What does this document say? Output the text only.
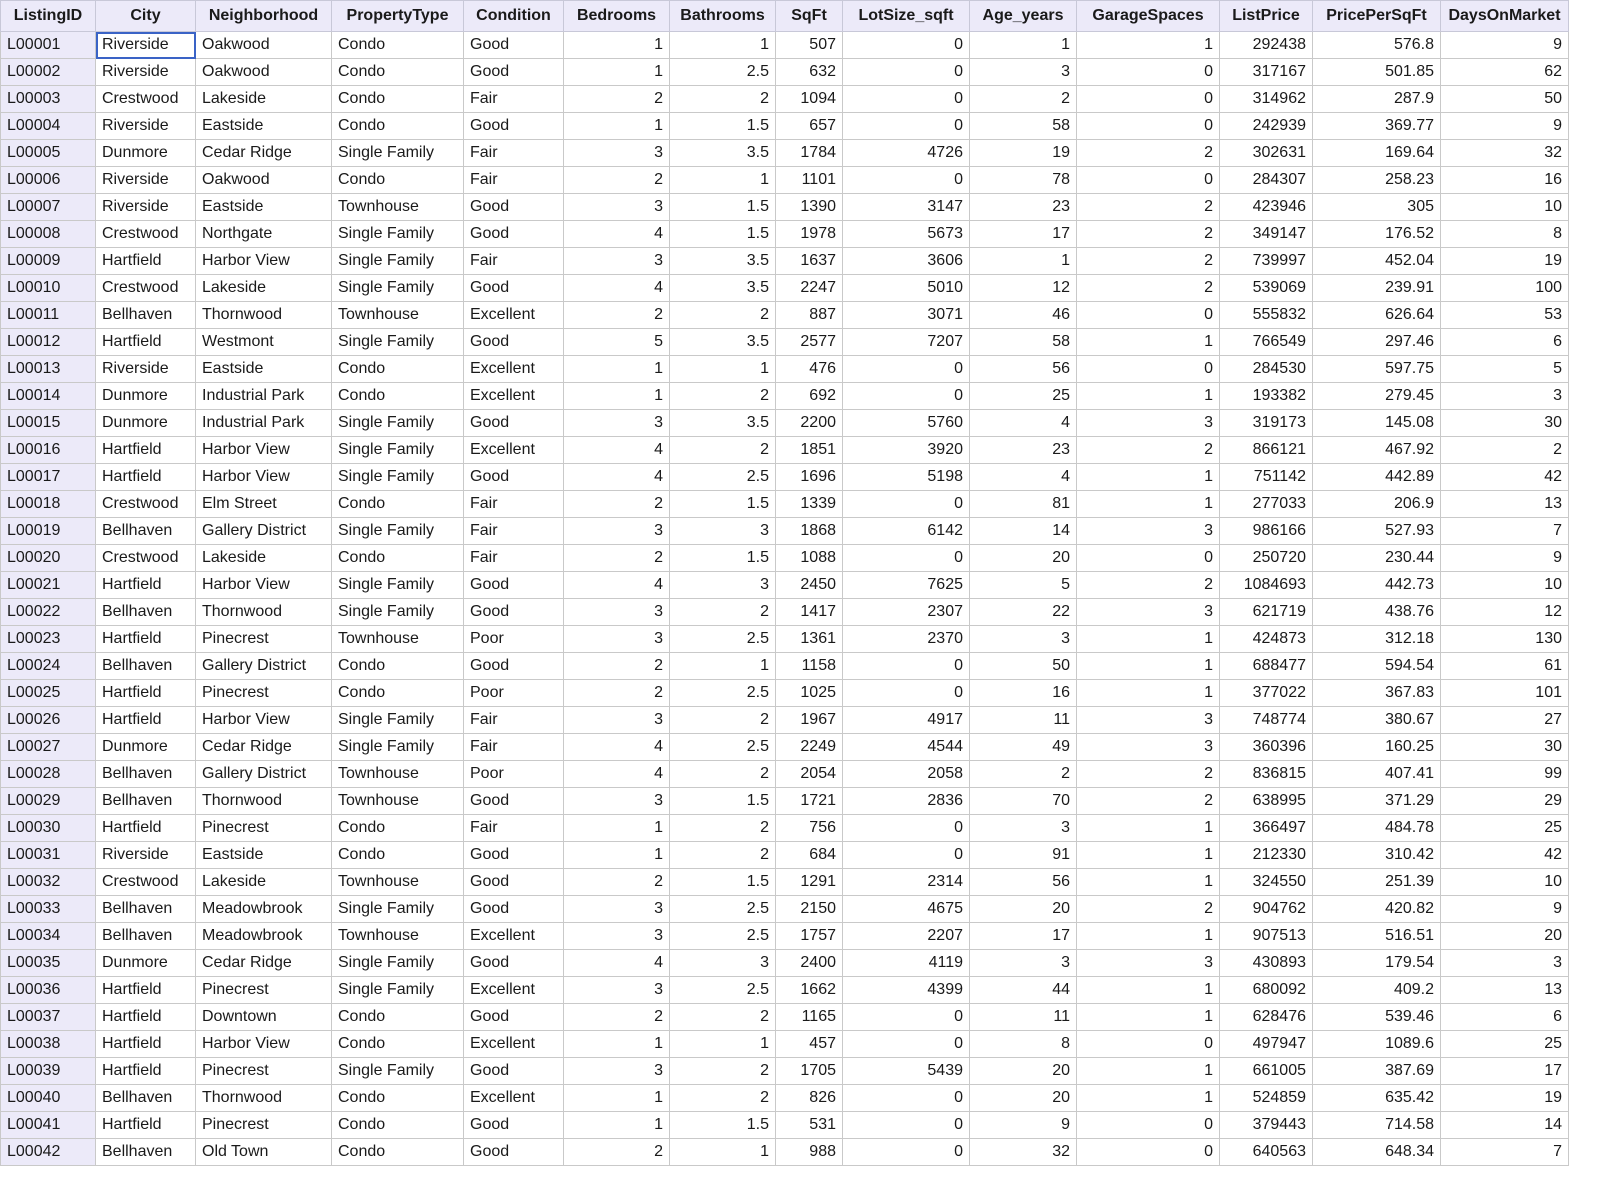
ListingID	City	Neighborhood	PropertyType	Condition	Bedrooms	Bathrooms	SqFt	LotSize_sqft	Age_years	GarageSpaces	ListPrice	PricePerSqFt	DaysOnMarket
L00001	Riverside	Oakwood	Condo	Good	1	1	507	0	1	1	292438	576.8	9
L00002	Riverside	Oakwood	Condo	Good	1	2.5	632	0	3	0	317167	501.85	62
L00003	Crestwood	Lakeside	Condo	Fair	2	2	1094	0	2	0	314962	287.9	50
L00004	Riverside	Eastside	Condo	Good	1	1.5	657	0	58	0	242939	369.77	9
L00005	Dunmore	Cedar Ridge	Single Family	Fair	3	3.5	1784	4726	19	2	302631	169.64	32
L00006	Riverside	Oakwood	Condo	Fair	2	1	1101	0	78	0	284307	258.23	16
L00007	Riverside	Eastside	Townhouse	Good	3	1.5	1390	3147	23	2	423946	305	10
L00008	Crestwood	Northgate	Single Family	Good	4	1.5	1978	5673	17	2	349147	176.52	8
L00009	Hartfield	Harbor View	Single Family	Fair	3	3.5	1637	3606	1	2	739997	452.04	19
L00010	Crestwood	Lakeside	Single Family	Good	4	3.5	2247	5010	12	2	539069	239.91	100
L00011	Bellhaven	Thornwood	Townhouse	Excellent	2	2	887	3071	46	0	555832	626.64	53
L00012	Hartfield	Westmont	Single Family	Good	5	3.5	2577	7207	58	1	766549	297.46	6
L00013	Riverside	Eastside	Condo	Excellent	1	1	476	0	56	0	284530	597.75	5
L00014	Dunmore	Industrial Park	Condo	Excellent	1	2	692	0	25	1	193382	279.45	3
L00015	Dunmore	Industrial Park	Single Family	Good	3	3.5	2200	5760	4	3	319173	145.08	30
L00016	Hartfield	Harbor View	Single Family	Excellent	4	2	1851	3920	23	2	866121	467.92	2
L00017	Hartfield	Harbor View	Single Family	Good	4	2.5	1696	5198	4	1	751142	442.89	42
L00018	Crestwood	Elm Street	Condo	Fair	2	1.5	1339	0	81	1	277033	206.9	13
L00019	Bellhaven	Gallery District	Single Family	Fair	3	3	1868	6142	14	3	986166	527.93	7
L00020	Crestwood	Lakeside	Condo	Fair	2	1.5	1088	0	20	0	250720	230.44	9
L00021	Hartfield	Harbor View	Single Family	Good	4	3	2450	7625	5	2	1084693	442.73	10
L00022	Bellhaven	Thornwood	Single Family	Good	3	2	1417	2307	22	3	621719	438.76	12
L00023	Hartfield	Pinecrest	Townhouse	Poor	3	2.5	1361	2370	3	1	424873	312.18	130
L00024	Bellhaven	Gallery District	Condo	Good	2	1	1158	0	50	1	688477	594.54	61
L00025	Hartfield	Pinecrest	Condo	Poor	2	2.5	1025	0	16	1	377022	367.83	101
L00026	Hartfield	Harbor View	Single Family	Fair	3	2	1967	4917	11	3	748774	380.67	27
L00027	Dunmore	Cedar Ridge	Single Family	Fair	4	2.5	2249	4544	49	3	360396	160.25	30
L00028	Bellhaven	Gallery District	Townhouse	Poor	4	2	2054	2058	2	2	836815	407.41	99
L00029	Bellhaven	Thornwood	Townhouse	Good	3	1.5	1721	2836	70	2	638995	371.29	29
L00030	Hartfield	Pinecrest	Condo	Fair	1	2	756	0	3	1	366497	484.78	25
L00031	Riverside	Eastside	Condo	Good	1	2	684	0	91	1	212330	310.42	42
L00032	Crestwood	Lakeside	Townhouse	Good	2	1.5	1291	2314	56	1	324550	251.39	10
L00033	Bellhaven	Meadowbrook	Single Family	Good	3	2.5	2150	4675	20	2	904762	420.82	9
L00034	Bellhaven	Meadowbrook	Townhouse	Excellent	3	2.5	1757	2207	17	1	907513	516.51	20
L00035	Dunmore	Cedar Ridge	Single Family	Good	4	3	2400	4119	3	3	430893	179.54	3
L00036	Hartfield	Pinecrest	Single Family	Excellent	3	2.5	1662	4399	44	1	680092	409.2	13
L00037	Hartfield	Downtown	Condo	Good	2	2	1165	0	11	1	628476	539.46	6
L00038	Hartfield	Harbor View	Condo	Excellent	1	1	457	0	8	0	497947	1089.6	25
L00039	Hartfield	Pinecrest	Single Family	Good	3	2	1705	5439	20	1	661005	387.69	17
L00040	Bellhaven	Thornwood	Condo	Excellent	1	2	826	0	20	1	524859	635.42	19
L00041	Hartfield	Pinecrest	Condo	Good	1	1.5	531	0	9	0	379443	714.58	14
L00042	Bellhaven	Old Town	Condo	Good	2	1	988	0	32	0	640563	648.34	7
